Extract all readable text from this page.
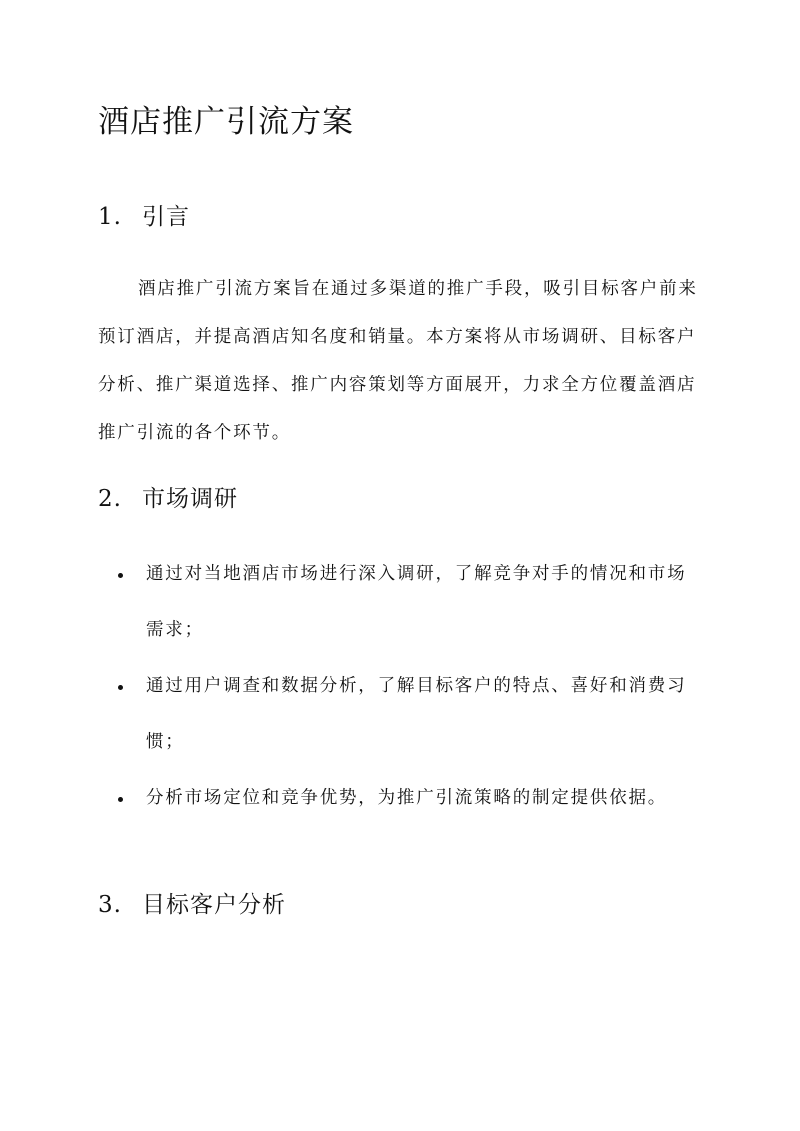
酒店推广引流方案
1. 引言

酒店推广引流方案旨在通过多渠道的推广手段，吸引目标客户前来预订酒店，并提高酒店知名度和销量。本方案将从市场调研、目标客户分析、推广渠道选择、推广内容策划等方面展开，力求全方位覆盖酒店推广引流的各个环节。

2. 市场调研
通过对当地酒店市场进行深入调研，了解竞争对手的情况和市场需求；
通过用户调查和数据分析，了解目标客户的特点、喜好和消费习惯；
分析市场定位和竞争优势，为推广引流策略的制定提供依据。
3. 目标客户分析
